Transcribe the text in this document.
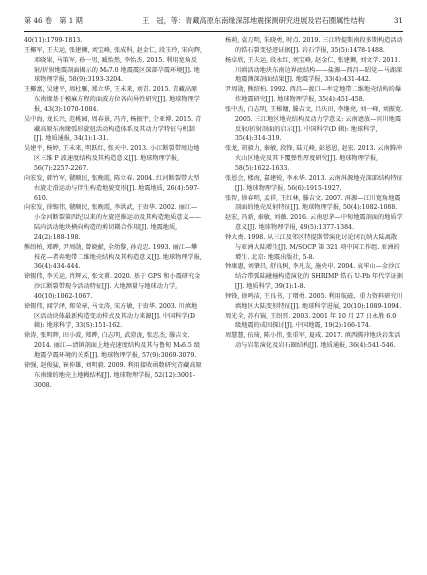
第 46 卷　第 1 期	王　冠，等：青藏高原东南缘深部地震探测研究进展及岩石圈属性结构	31
40(11):1799-1813.
王椰军, 王夫运, 张建狮, 刘宝峰, 张成科, 赵金仁, 段玉玲, 宋向辉, 邓晓果, 马策军, 孙一男, 臧怡然, 李怡杰. 2015. 利用宽角反射/折射地震剖面揭示的 M₈7.0 地震震区深部孕震环境[J]. 地球物理学报, 58(9):3193-3204.
王椰富, 吴建平, 周杜雁, 郑立华, 王未来, 刘青. 2015. 青藏高原东南缘基于模麻方程的面波方位各向异性研究[J]. 地球物理学报, 43(3):1070-1084.
吴中海, 龙长兴, 范桃园, 周春景, 冯卉, 杨振宇, 仝亚博. 2015. 青藏高原东南缘弧形旋扭活动构造体系及其动力学特征与机制[J]. 地质通报, 34(1):1-31.
吴建平, 杨婷, 王未来, 明跃红, 张天中. 2013. 小江断裂带周边地区三维 P 波速度结构及其构造意义[J]. 地球物理学报, 56(7):2257-2267.
向宏发, 韩竹军, 虢顺民, 张晚霞, 陈立春. 2004. 红河断裂带大型右旋走滑运动与伴生构造地貌变形[J]. 地震地质, 26(4):597-610.
向宏发, 徐锡伟, 虢顺民, 张晚霞, 李洪武, 于贵华. 2002. 丽江—小金河断裂第四纪以来的左旋逆推运动及其构造地质意义——陆内活动地块横向构造的剪切耦合作用[J]. 地震地质, 24(2):188-198.
熊绍柏, 郑晔, 尹周勋, 曾晓献, 全幼黎, 孙克忠. 1993. 丽江—攀枝花—者奔地带二维地壳结构及其构造意义[J]. 地球物理学报, 36(4):434-444.
徐锡伟, 李关运, 肖辉云, 张文甫. 2020. 基于 GPS 和小震研究金沙江断裂带现今活动特征[J]. 大地测量与地球动力学, 40(10):1062-1067.
徐锡伟, 闻学泽, 郑荣章, 马文涛, 宋方敏, 于贵华. 2003. 川滇地区活动块体最新构造变动样式及其动力来源[J]. 中国科学(D 辑): 地球科学, 33(S):151-162.
徐涛, 张明辉, 田小波, 郑晔, 白志明, 武澄泷, 张忠杰, 滕吉文. 2014. 丽江—清镇剖面上地壳速度结构及其与鲁甸 M₈6.5 级地震孕震环境的关系[J]. 地球物理学报, 57(9):3069-3079.
徐强, 赵俊猛, 崔仲雄, 刘明毅. 2009. 利用接收函数研究青藏高原东南缘的地壳上地幔结构[J]. 地球物理学报, 52(12):3001-3008.
杨莉, 袁万明, 朱晓勇, 时点. 2019. 三江特提斯南段多期构造活动的锆石裂变径迹证据[J]. 岩石学报, 35(5):1478-1488.
杨卓欣, 王夫运, 段永红, 刘宝峰, 赵金仁, 张建狮, 刘文学. 2011. 川滇活动地块东南边界底结构——盐源—西昌—昭觉—马湖深地震测深剖面结果[J]. 地震学报, 33(4):431-442.
尹周勋, 熊绍柏. 1992. 西昌—渡口—牟定地带二维地壳结构的爆炸地震研究[J]. 地球物理学报, 35(4):451-458.
张中杰, 白志明, 王椿镛, 滕吉文, 吕庆田, 李继亮, 刘一峰, 刘振宽. 2005. 三江地区地壳结构及动力学意义: 云南遮放—宾川地震反射/折射剖面的启示[J]. 中国科学(D 辑): 地球科学, 35(4):314-319.
张龙, 胡毅力, 秦敏, 段锋, 陆元峰, 彭恩恩, 赵宏. 2013. 云南腾冲火山区地壳及其下覆弹性厚度研究[J]. 地球物理学报, 58(5):1622-1633.
张恩会, 楼海, 嘉建锐, 李永华. 2013. 云南洱源地壳深部结构特征[J]. 地球物理学报, 56(6):1915-1927.
张智, 徐春明, 孟祥, 王红林, 滕吉文. 2007. 洱源—江川宽角地震剖面的地壳反射特征[J]. 地球物理学报, 50(4):1082-1088.
赵宏, 冯新, 秦敏, 刘薇. 2016. 云南思茅—中甸地震剖面的地质学意义[J]. 地球物理学报, 49(5):1377-1384.
钟大赉. 1998. 从三江及邻区特提斯带演化讨论冈瓦纳大陆离散与亚洲大陆增生[J]. M/SOCP 第 321 项中国工作组. 亚洲的增生. 北京: 地震出版社, 5-8.
钟康惠, 刘肇昌, 舒良树, 李凡友, 施央申. 2004. 哀牢山—金沙江结合带弧陆碰撞构造演化的 SHRIMP 锆石 U-Pb 年代学证据[J]. 地质科学, 39(1):1-8.
钟锋, 徐鸣洁, 王良书, 丁增勇. 2005. 利用航磁、重力资料研究川滇地区大陆变形特征[J]. 地球科学进展, 20(10):1089-1094.
周光全, 苏有锦, 王绍晋. 2003. 2001 年 10 月 27 日永胜 6.0 级地震的成因探讨[J]. 中国地震, 19(2):166-174.
周慧慧, 伍琦, 陈小伟, 张重军, 夏咸. 2017. 滇西腾冲地块岩浆活动与岩浆演化及岩石圈结构[J]. 地质通报, 36(4):541-546.
